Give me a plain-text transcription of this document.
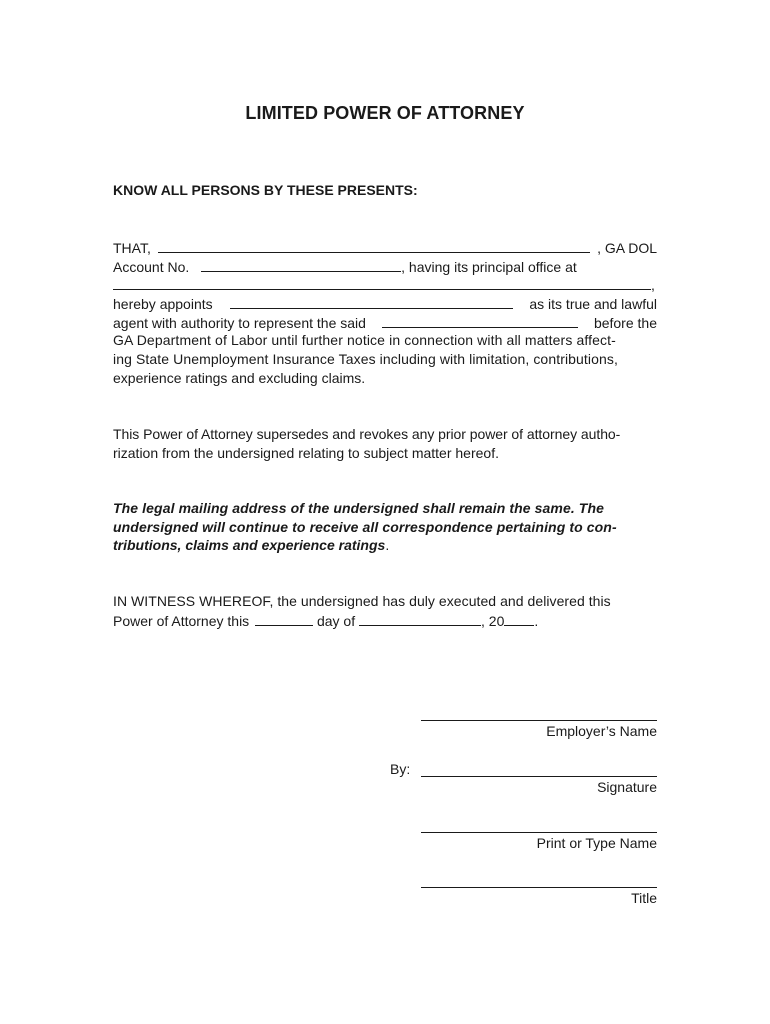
LIMITED POWER OF ATTORNEY
KNOW ALL PERSONS BY THESE PRESENTS:
THAT,	, GA DOL
Account No.	, having its principal office at
,
hereby appoints	as its true and lawful
agent with authority to represent the said	before the
GA Department of Labor until further notice in connection with all matters affect-
ing State Unemployment Insurance Taxes including with limitation, contributions,
experience ratings and excluding claims.
This Power of Attorney supersedes and revokes any prior power of attorney autho-
rization from the undersigned relating to subject matter hereof.
The legal mailing address of the undersigned shall remain the same. The
undersigned will continue to receive all correspondence pertaining to con-
tributions, claims and experience ratings.
IN WITNESS WHEREOF, the undersigned has duly executed and delivered this
Power of Attorney this	day of	, 20 .
Employer’s Name
By:
Signature
Print or Type Name
Title
